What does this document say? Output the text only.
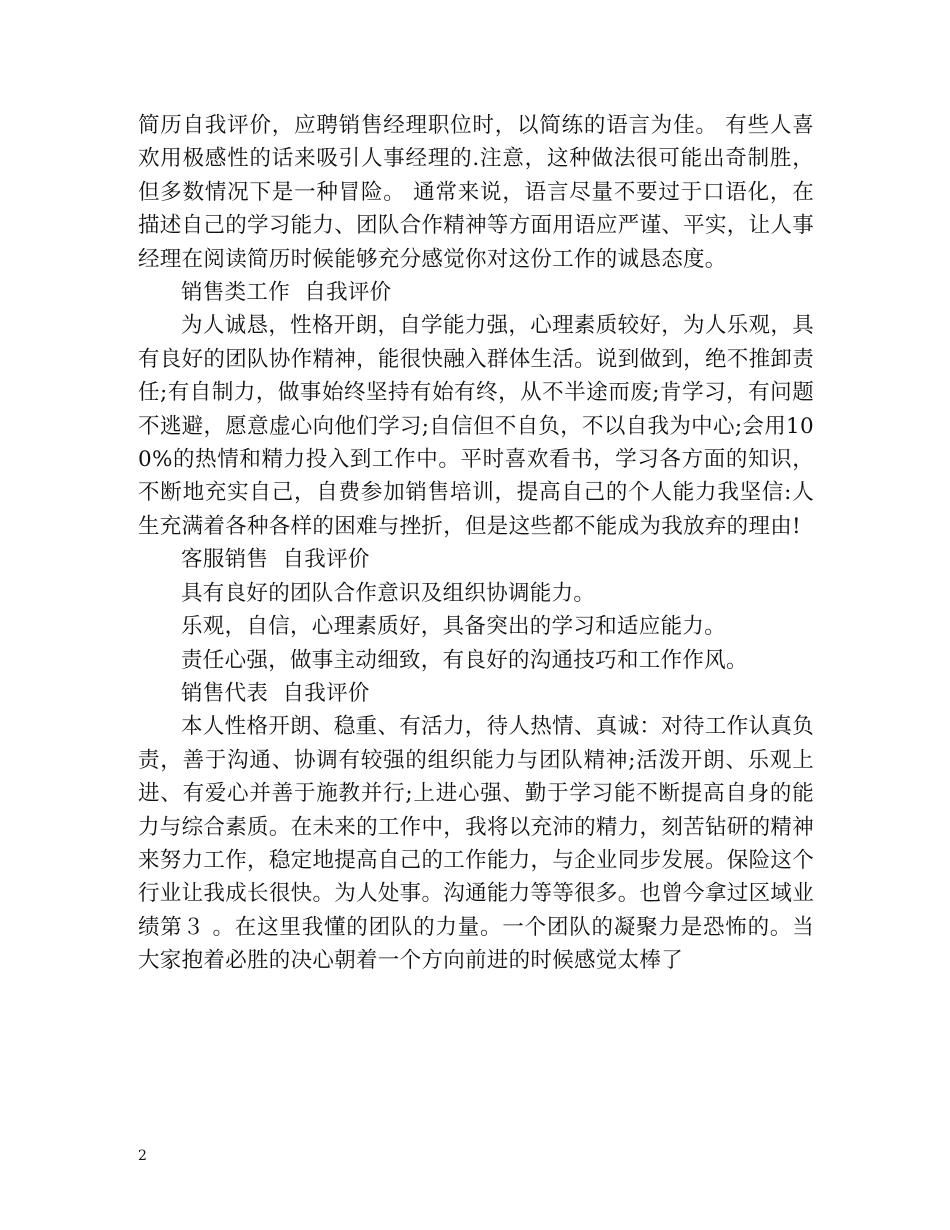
简历自我评价，应聘销售经理职位时，以简练的语言为佳。 有些人喜欢用极感性的话来吸引人事经理的.注意，这种做法很可能出奇制胜，但多数情况下是一种冒险。 通常来说，语言尽量不要过于口语化，在描述自己的学习能力、团队合作精神等方面用语应严谨、平实，让人事经理在阅读简历时候能够充分感觉你对这份工作的诚恳态度。

销售类工作  自我评价

为人诚恳，性格开朗，自学能力强，心理素质较好，为人乐观，具有良好的团队协作精神，能很快融入群体生活。说到做到，绝不推卸责任;有自制力，做事始终坚持有始有终，从不半途而废;肯学习，有问题不逃避，愿意虚心向他们学习;自信但不自负，不以自我为中心;会用100%的热情和精力投入到工作中。平时喜欢看书，学习各方面的知识，不断地充实自己，自费参加销售培训，提高自己的个人能力我坚信:人生充满着各种各样的困难与挫折，但是这些都不能成为我放弃的理由!

客服销售  自我评价

具有良好的团队合作意识及组织协调能力。

乐观，自信，心理素质好，具备突出的学习和适应能力。

责任心强，做事主动细致，有良好的沟通技巧和工作作风。

销售代表  自我评价

本人性格开朗、稳重、有活力，待人热情、真诚：对待工作认真负责，善于沟通、协调有较强的组织能力与团队精神;活泼开朗、乐观上进、有爱心并善于施教并行;上进心强、勤于学习能不断提高自身的能力与综合素质。在未来的工作中，我将以充沛的精力，刻苦钻研的精神来努力工作，稳定地提高自己的工作能力，与企业同步发展。保险这个行业让我成长很快。为人处事。沟通能力等等很多。也曾今拿过区域业绩第３ 。在这里我懂的团队的力量。一个团队的凝聚力是恐怖的。当大家抱着必胜的决心朝着一个方向前进的时候感觉太棒了

2
